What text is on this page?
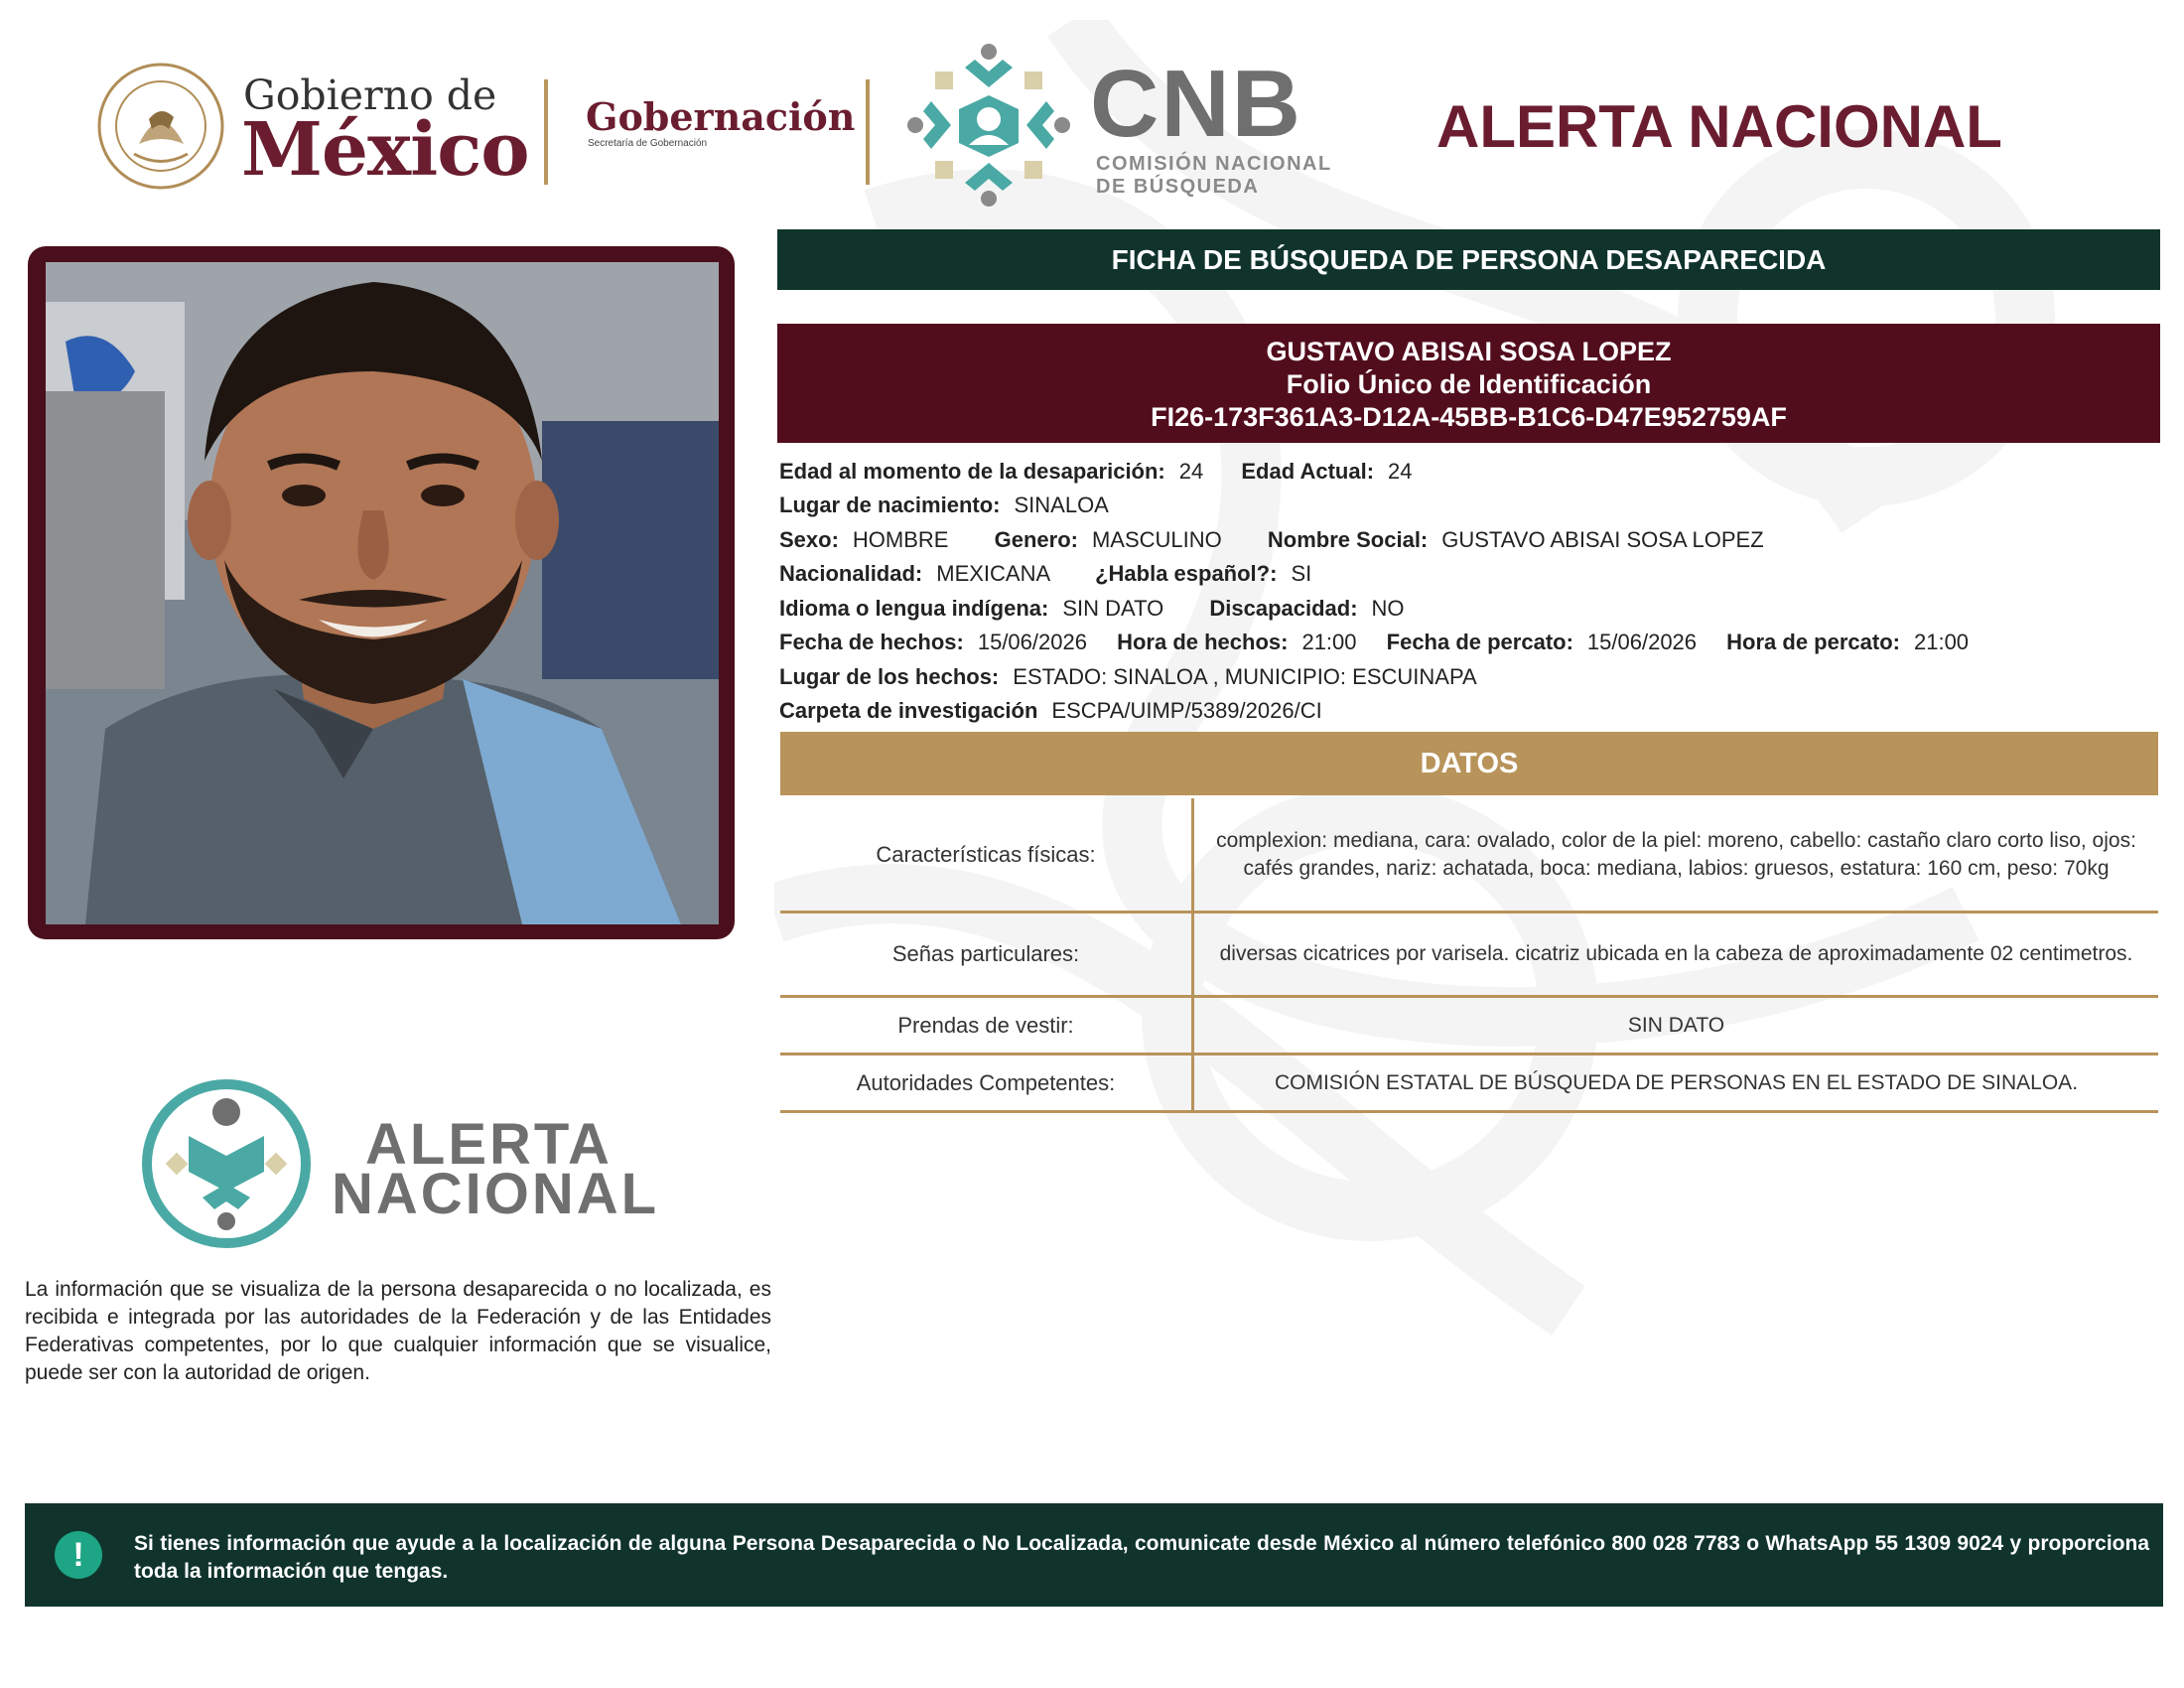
Gobierno de
México Gobernación
Secretaría de Gobernación	CNB
COMISIÓN NACIONAL
DE BÚSQUEDA
ALERTA NACIONAL
FICHA DE BÚSQUEDA DE PERSONA DESAPARECIDA
GUSTAVO ABISAI SOSA LOPEZ
Folio Único de Identificación
FI26-173F361A3-D12A-45BB-B1C6-D47E952759AF
Edad al momento de la desaparición: 24 Edad Actual: 24
Lugar de nacimiento: SINALOA
Sexo: HOMBRE Genero: MASCULINO Nombre Social: GUSTAVO ABISAI SOSA LOPEZ
Nacionalidad: MEXICANA ¿Habla español?: SI
Idioma o lengua indígena: SIN DATO Discapacidad: NO
Fecha de hechos: 15/06/2026 Hora de hechos: 21:00 Fecha de percato: 15/06/2026 Hora de percato: 21:00
Lugar de los hechos: ESTADO: SINALOA , MUNICIPIO: ESCUINAPA
Carpeta de investigación ESCPA/UIMP/5389/2026/CI
DATOS
Características físicas:
complexion: mediana, cara: ovalado, color de la piel: moreno, cabello: castaño claro corto liso, ojos: cafés grandes, nariz: achatada, boca: mediana, labios: gruesos, estatura: 160 cm, peso: 70kg
Señas particulares:	diversas cicatrices por varisela. cicatriz ubicada en la cabeza de aproximadamente 02 centimetros.
Prendas de vestir:	SIN DATO
Autoridades Competentes:	COMISIÓN ESTATAL DE BÚSQUEDA DE PERSONAS EN EL ESTADO DE SINALOA.
ALERTA
NACIONAL
La información que se visualiza de la persona desaparecida o no localizada, es recibida e integrada por las autoridades de la Federación y de las Entidades Federativas competentes, por lo que cualquier información que se visualice, puede ser con la autoridad de origen.
!	Si tienes información que ayude a la localización de alguna Persona Desaparecida o No Localizada, comunicate desde México al número telefónico 800 028 7783 o WhatsApp 55 1309 9024 y proporciona toda la información que tengas.
